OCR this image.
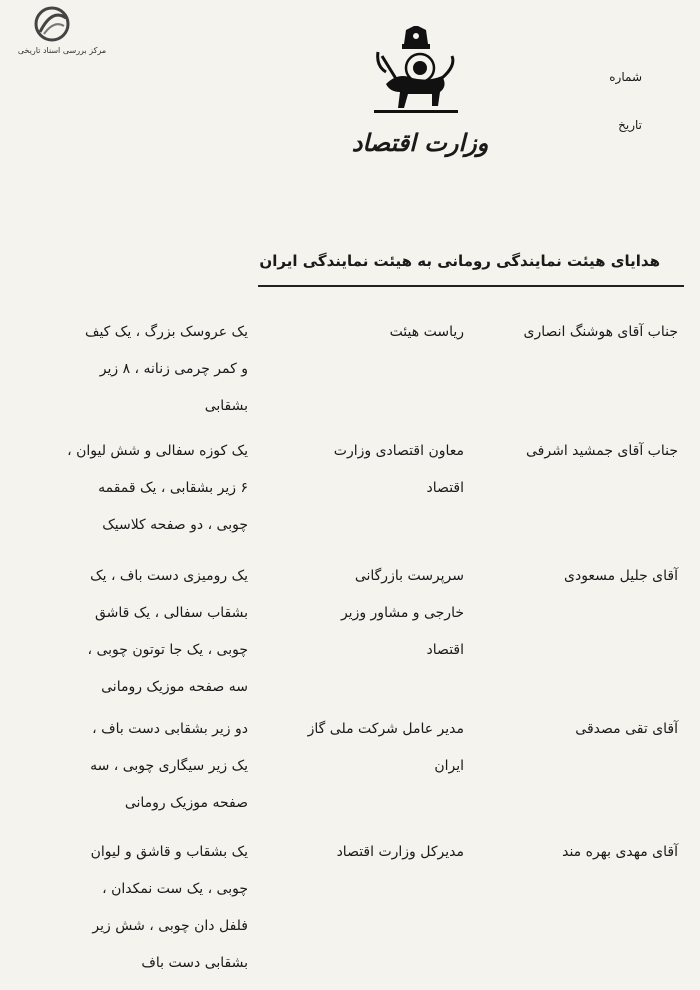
مرکز بررسی اسناد تاریخی
وزارت اقتصاد
شماره
تاریخ
هدایای هیئت نمایندگی رومانی به هیئت نمایندگی ایران
جناب آقای هوشنگ انصاری
ریاست هیئت
یک عروسک بزرگ ، یک کیف
و کمر چرمی زنانه ، ۸ زیر
بشقابی
جناب آقای جمشید اشرفی
معاون اقتصادی وزارت
اقتصاد
یک کوزه سفالی و شش لیوان ،
۶ زیر بشقابی ، یک قمقمه
چوبی ، دو صفحه کلاسیک
آقای جلیل مسعودی
سرپرست بازرگانی
خارجی و مشاور وزیر
اقتصاد
یک رومیزی دست باف ، یک
بشقاب سفالی ، یک قاشق
چوبی ، یک جا توتون چوبی ،
سه صفحه موزیک رومانی
آقای تقی مصدقی
مدیر عامل شرکت ملی گاز
ایران
دو زیر بشقابی دست باف ،
یک زیر سیگاری چوبی ، سه
صفحه موزیک رومانی
آقای مهدی بهره مند
مدیرکل وزارت اقتصاد
یک بشقاب و قاشق و لیوان
چوبی ، یک ست نمکدان ،
فلفل دان چوبی ، شش زیر
بشقابی دست باف
